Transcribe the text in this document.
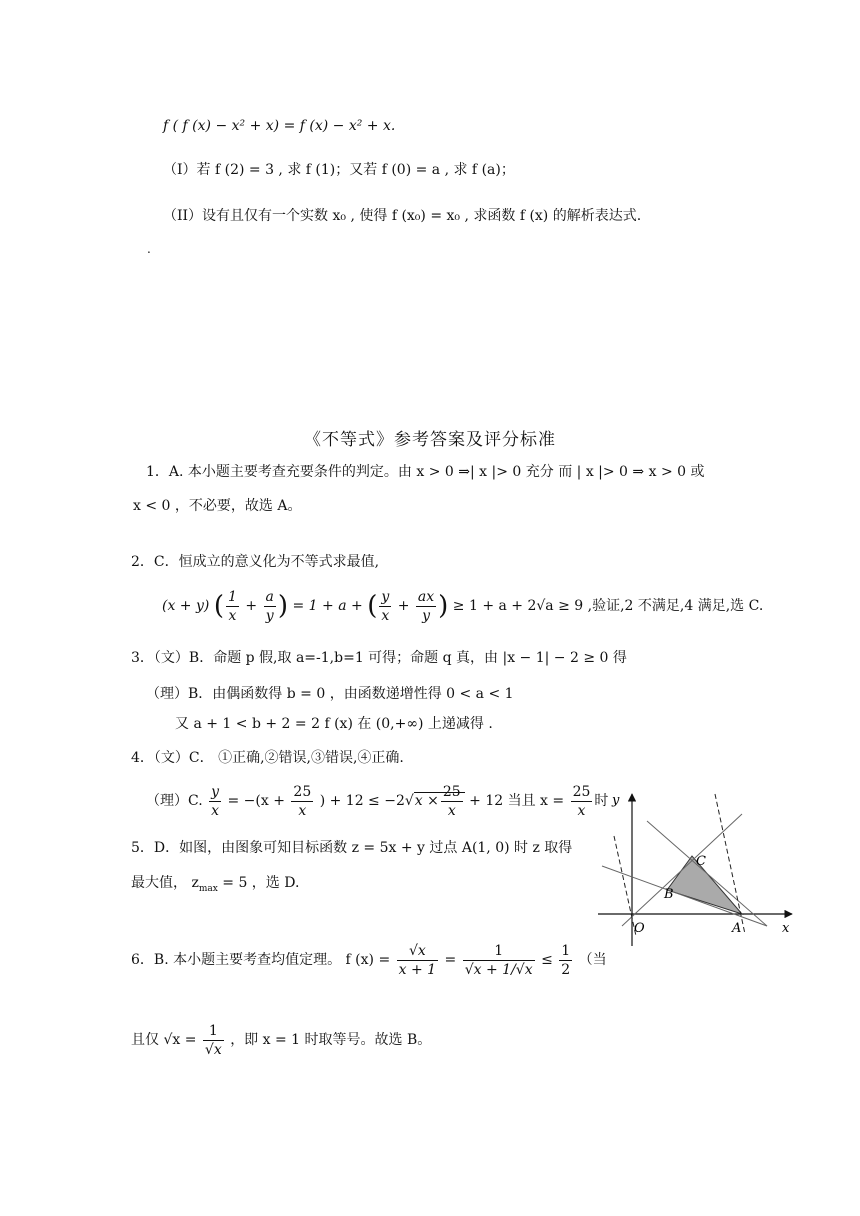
f ( f (x) − x² + x) = f (x) − x² + x.
（I）若 f (2) = 3 , 求 f (1)；又若 f (0) = a , 求 f (a)；
（II）设有且仅有一个实数 x₀ , 使得 f (x₀) = x₀ , 求函数 f (x) 的解析表达式.
.
《不等式》参考答案及评分标准
1．A. 本小题主要考查充要条件的判定。由 x > 0 ⇒| x |> 0 充分 而 | x |> 0 ⇒ x > 0 或
x < 0 ，不必要，故选 A。
2．C．恒成立的意义化为不等式求最值,
(x + y) ( $\frac{1}{x} + \frac{a}{y}$ ) = 1 + a + ( $\frac{y}{x} + \frac{ax}{y}$ ) ≥ 1 + a + 2√a ≥ 9 ,验证,2 不满足,4 满足,选 C.
3．（文）B．命题 p 假,取 a=-1,b=1 可得；命题 q 真，由 |x − 1| − 2 ≥ 0 得
（理）B．由偶函数得 b = 0 ，由函数递增性得 0 < a < 1
又 a + 1 < b + 2 = 2 f (x) 在 (0,+∞) 上递减得 .
4．（文）C． ①正确,②错误,③错误,④正确.
（理）C. $\frac{y}{x} = -(x + \frac{25}{x}$ ) + $12 \le -2√x \times \frac{25}{x} + 12$ 当且 $x = \frac{25}{x}$ 时
5．D．如图，由图象可知目标函数 z = 5x + y 过点 A(1, 0) 时 z 取得
最大值， $z_{max} = 5$ ，选 D.
6．B. 本小题主要考查均值定理。 f $(x) = \frac{√x}{x + 1} = \frac{1}{√x + 1/√x} \le \frac{1}{2}$ （当
且仅 $√x = \frac{1}{√x}$ ，即 x = 1 时取等号。故选 B。
y
x
O	A
B
C
